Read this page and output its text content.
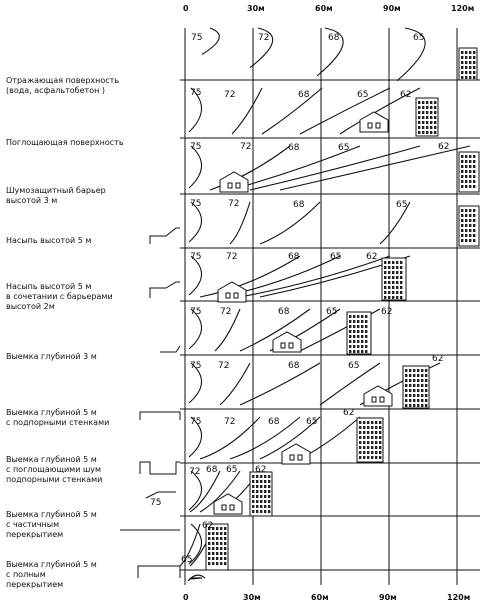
75	72	68	65
75	72	68	65	62
75	72	68	65	62
75	72	68	65
75	72	68	65	62
75 72	68	65	62
75 72	68	65
62
75	72	68	65
62
72 68 65 62
75
62
65
0	30м	60м	90м	120м
0	30м	60м	90м	120м
Отражающая поверхность
(вода, асфальтобетон )
Поглощающая поверхность
Шумозащитный барьер
высотой 3 м
Насыпь высотой 5 м
Насыпь высотой 5 м
в сочетании с барьерами
высотой 2м
Выемка глубиной 3 м
Выемка глубиной 5 м
с подпорными стенками
Выемка глубиной 5 м
с поглощающими шум
подпорными стенками
Выемка глубиной 5 м
с частичным
перекрытием
Выемка глубиной 5 м
с полным
перекрытием
